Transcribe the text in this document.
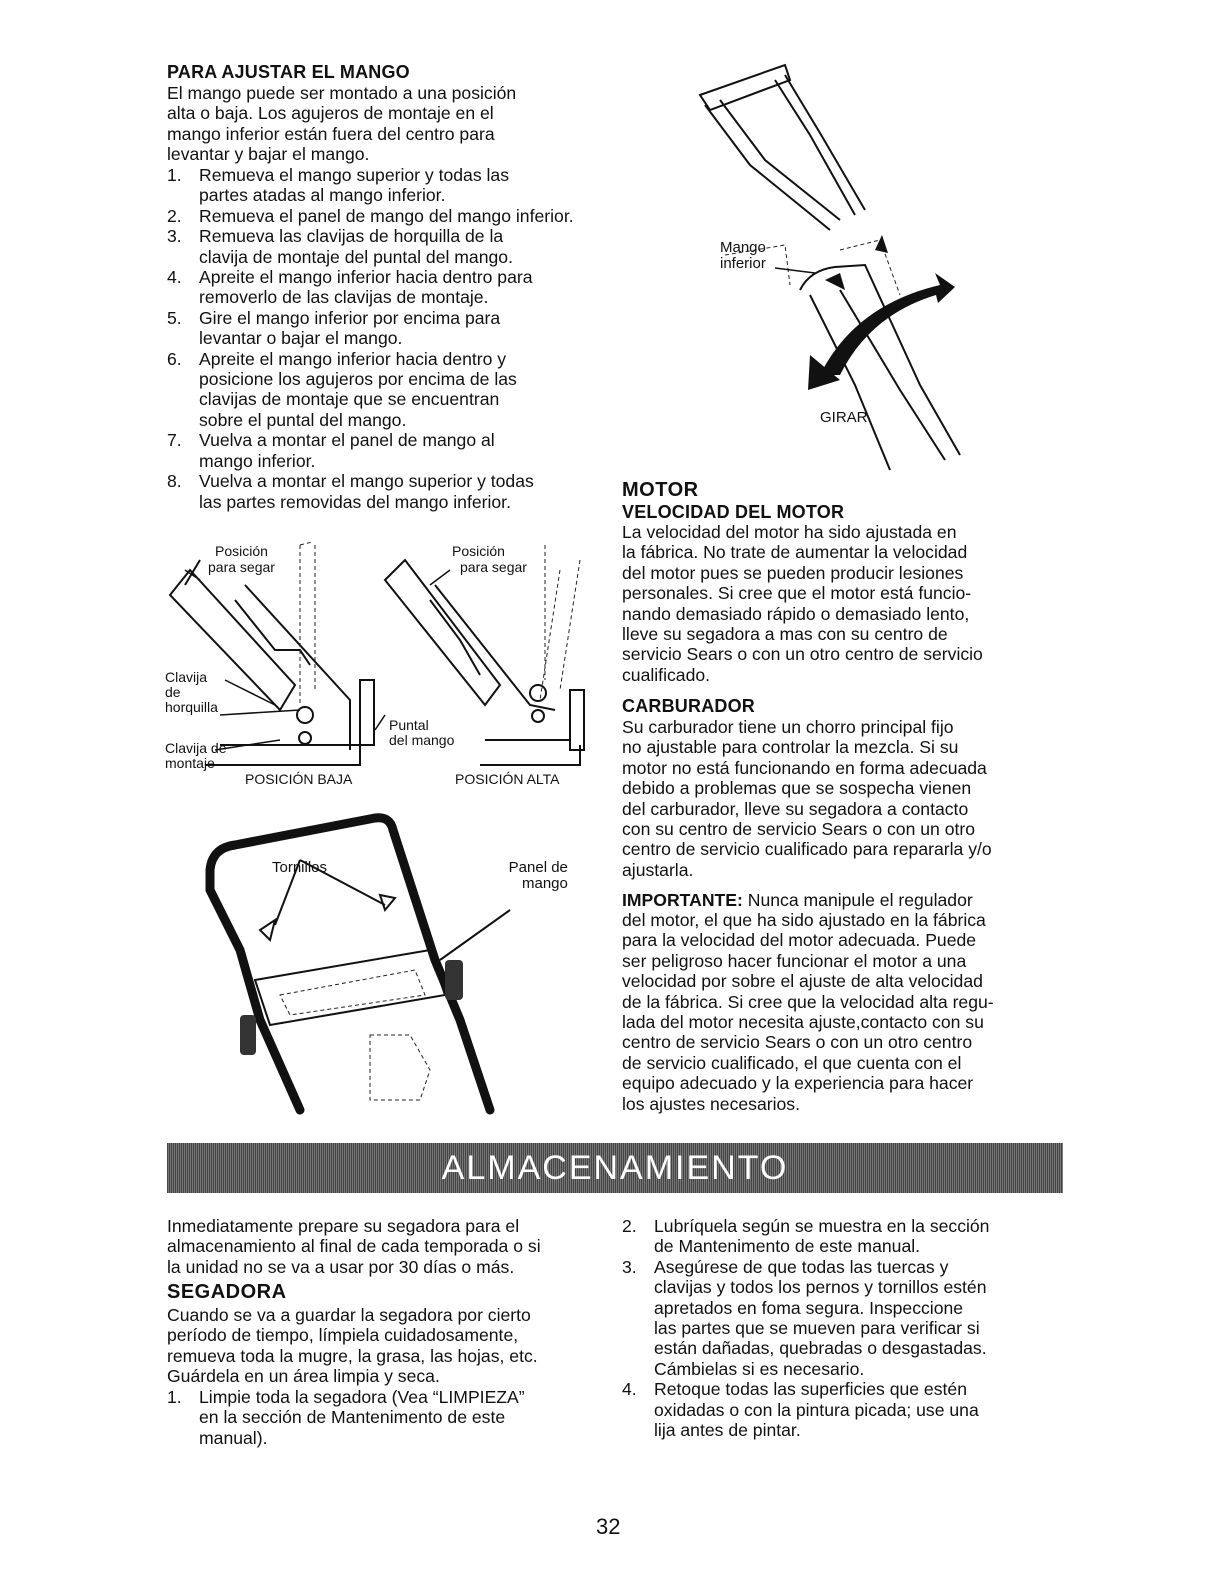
PARA AJUSTAR EL MANGO
El mango puede ser montado a una posición
alta o baja. Los agujeros de montaje en el
mango inferior están fuera del centro para
levantar y bajar el mango.
1. Remueva el mango superior y todas las
partes atadas al mango inferior.
2. Remueva el panel de mango del mango inferior.
3. Remueva las clavijas de horquilla de la
clavija de montaje del puntal del mango.
4. Apreite el mango inferior hacia dentro para
removerlo de las clavijas de montaje.
5. Gire el mango inferior por encima para
levantar o bajar el mango.
6. Apreite el mango inferior hacia dentro y
posicione los agujeros por encima de las
clavijas de montaje que se encuentran
sobre el puntal del mango.
7. Vuelva a montar el panel de mango al
mango inferior.
8. Vuelva a montar el mango superior y todas
las partes removidas del mango inferior.
Posición
para segar
Posición
para segar
Clavija
de
horquilla
Clavija de
montaje
Puntal
del mango
POSICIÓN BAJA	POSICIÓN ALTA
Tornillos	Panel de
mango
Mango
inferior
GIRAR
MOTOR
VELOCIDAD DEL MOTOR
La velocidad del motor ha sido ajustada en
la fábrica. No trate de aumentar la velocidad
del motor pues se pueden producir lesiones
personales. Si cree que el motor está funcio-
nando demasiado rápido o demasiado lento,
lleve su segadora a mas con su centro de
servicio Sears o con un otro centro de servicio
cualificado.
CARBURADOR
Su carburador tiene un chorro principal fijo
no ajustable para controlar la mezcla. Si su
motor no está funcionando en forma adecuada
debido a problemas que se sospecha vienen
del carburador, lleve su segadora a contacto
con su centro de servicio Sears o con un otro
centro de servicio cualificado para repararla y/o
ajustarla.
IMPORTANTE: Nunca manipule el regulador
del motor, el que ha sido ajustado en la fábrica
para la velocidad del motor adecuada. Puede
ser peligroso hacer funcionar el motor a una
velocidad por sobre el ajuste de alta velocidad
de la fábrica. Si cree que la velocidad alta regu-
lada del motor necesita ajuste,contacto con su
centro de servicio Sears o con un otro centro
de servicio cualificado, el que cuenta con el
equipo adecuado y la experiencia para hacer
los ajustes necesarios.
ALMACENAMIENTO
Inmediatamente prepare su segadora para el
almacenamiento al final de cada temporada o si
la unidad no se va a usar por 30 días o más.
SEGADORA
Cuando se va a guardar la segadora por cierto
período de tiempo, límpiela cuidadosamente,
remueva toda la mugre, la grasa, las hojas, etc.
Guárdela en un área limpia y seca.
1. Limpie toda la segadora (Vea “LIMPIEZA”
en la sección de Mantenimento de este
manual).
2. Lubríquela según se muestra en la sección
de Mantenimento de este manual.
3. Asegúrese de que todas las tuercas y
clavijas y todos los pernos y tornillos estén
apretados en foma segura. Inspeccione
las partes que se mueven para verificar si
están dañadas, quebradas o desgastadas.
Cámbielas si es necesario.
4. Retoque todas las superficies que estén
oxidadas o con la pintura picada; use una
lija antes de pintar.
32
